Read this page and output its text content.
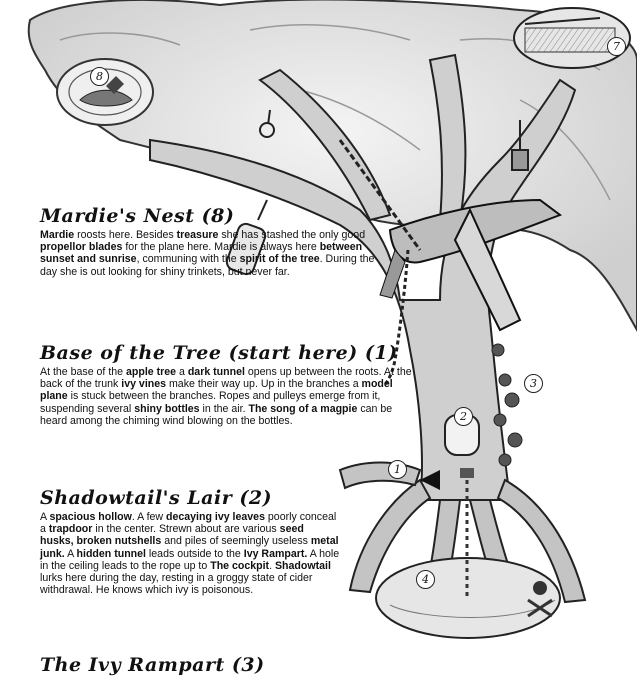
8
7
3
2
1
4
Mardie's Nest (8)

Mardie roosts here. Besides treasure she has stashed the only good propellor blades for the plane here. Mardie is always here between sunset and sunrise, communing with the spirit of the tree. During the day she is out looking for shiny trinkets, but never far.

Base of the Tree (start here) (1)

At the base of the apple tree a dark tunnel opens up between the roots. At the back of the trunk ivy vines make their way up. Up in the branches a model plane is stuck between the branches. Ropes and pulleys emerge from it, suspending several shiny bottles in the air. The song of a magpie can be heard among the chiming wind blowing on the bottles.

Shadowtail's Lair (2)

A spacious hollow. A few decaying ivy leaves poorly conceal a trapdoor in the center. Strewn about are various seed husks, broken nutshells and piles of seemingly useless metal junk. A hidden tunnel leads outside to the Ivy Rampart. A hole in the ceiling leads to the rope up to The cockpit. Shadowtail lurks here during the day, resting in a groggy state of cider withdrawal. He knows which ivy is poisonous.

The Ivy Rampart (3)
